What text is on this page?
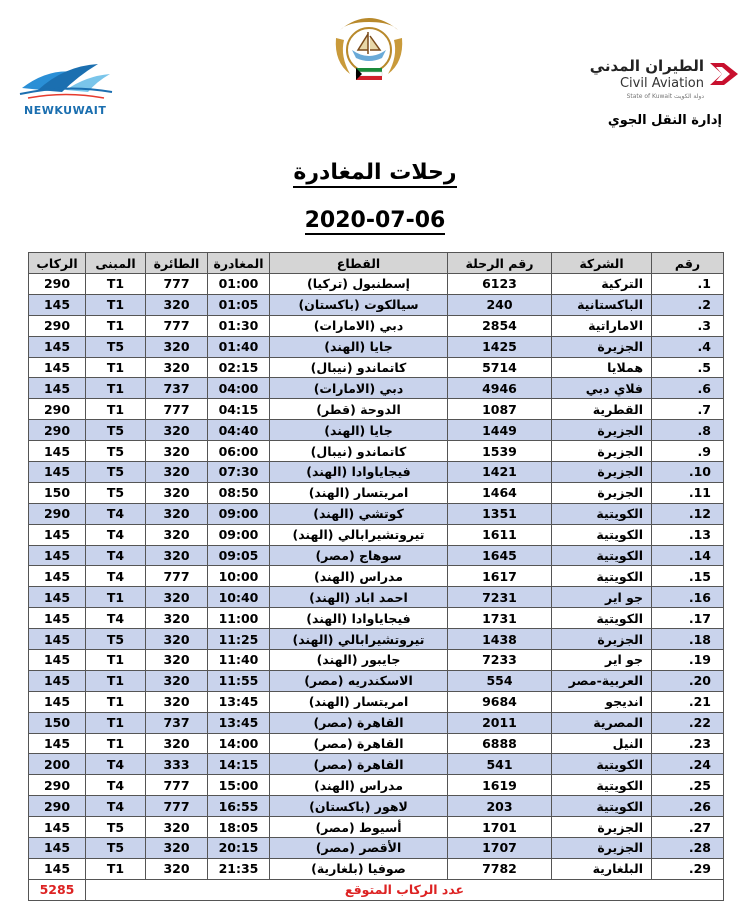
NEWKUWAIT
الطيران المدني
Civil Aviation
State of Kuwait دولة الكويت
إدارة النقل الجوي
رحلات المغادرة
2020-07-06
رقم	الشركة	رقم الرحلة	القطاع	المغادرة	الطائرة	المبنى	الركاب
1.	التركية	6123	إسطنبول (تركيا)	01:00	777	T1	290
2.	الباكستانية	240	سيالكوت (باكستان)	01:05	320	T1	145
3.	الاماراتية	2854	دبي (الامارات)	01:30	777	T1	290
4.	الجزيرة	1425	جايا (الهند)	01:40	320	T5	145
5.	هملايا	5714	كاتماندو (نيبال)	02:15	320	T1	145
6.	فلاي دبي	4946	دبي (الامارات)	04:00	737	T1	145
7.	القطرية	1087	الدوحة (قطر)	04:15	777	T1	290
8.	الجزيرة	1449	جايا (الهند)	04:40	320	T5	290
9.	الجزيرة	1539	كاتماندو (نيبال)	06:00	320	T5	145
10.	الجزيرة	1421	فيجاياوادا (الهند)	07:30	320	T5	145
11.	الجزيرة	1464	امريتسار (الهند)	08:50	320	T5	150
12.	الكويتية	1351	كوتشي (الهند)	09:00	320	T4	290
13.	الكويتية	1611	تيروتشيرابالي (الهند)	09:00	320	T4	145
14.	الكويتية	1645	سوهاج (مصر)	09:05	320	T4	145
15.	الكويتية	1617	مدراس (الهند)	10:00	777	T4	145
16.	جو اير	7231	احمد اباد (الهند)	10:40	320	T1	145
17.	الكويتية	1731	فيجاياوادا (الهند)	11:00	320	T4	145
18.	الجزيرة	1438	تيروتشيرابالي (الهند)	11:25	320	T5	145
19.	جو اير	7233	جايبور (الهند)	11:40	320	T1	145
20.	العربية-مصر	554	الاسكندريه (مصر)	11:55	320	T1	145
21.	انديجو	9684	امريتسار (الهند)	13:45	320	T1	145
22.	المصرية	2011	القاهرة (مصر)	13:45	737	T1	150
23.	النيل	6888	القاهرة (مصر)	14:00	320	T1	145
24.	الكويتية	541	القاهرة (مصر)	14:15	333	T4	200
25.	الكويتية	1619	مدراس (الهند)	15:00	777	T4	290
26.	الكويتية	203	لاهور (باكستان)	16:55	777	T4	290
27.	الجزيرة	1701	أسيوط (مصر)	18:05	320	T5	145
28.	الجزيرة	1707	الأقصر (مصر)	20:15	320	T5	145
29.	البلغارية	7782	صوفيا (بلغارية)	21:35	320	T1	145
عدد الركاب المتوقع							5285
